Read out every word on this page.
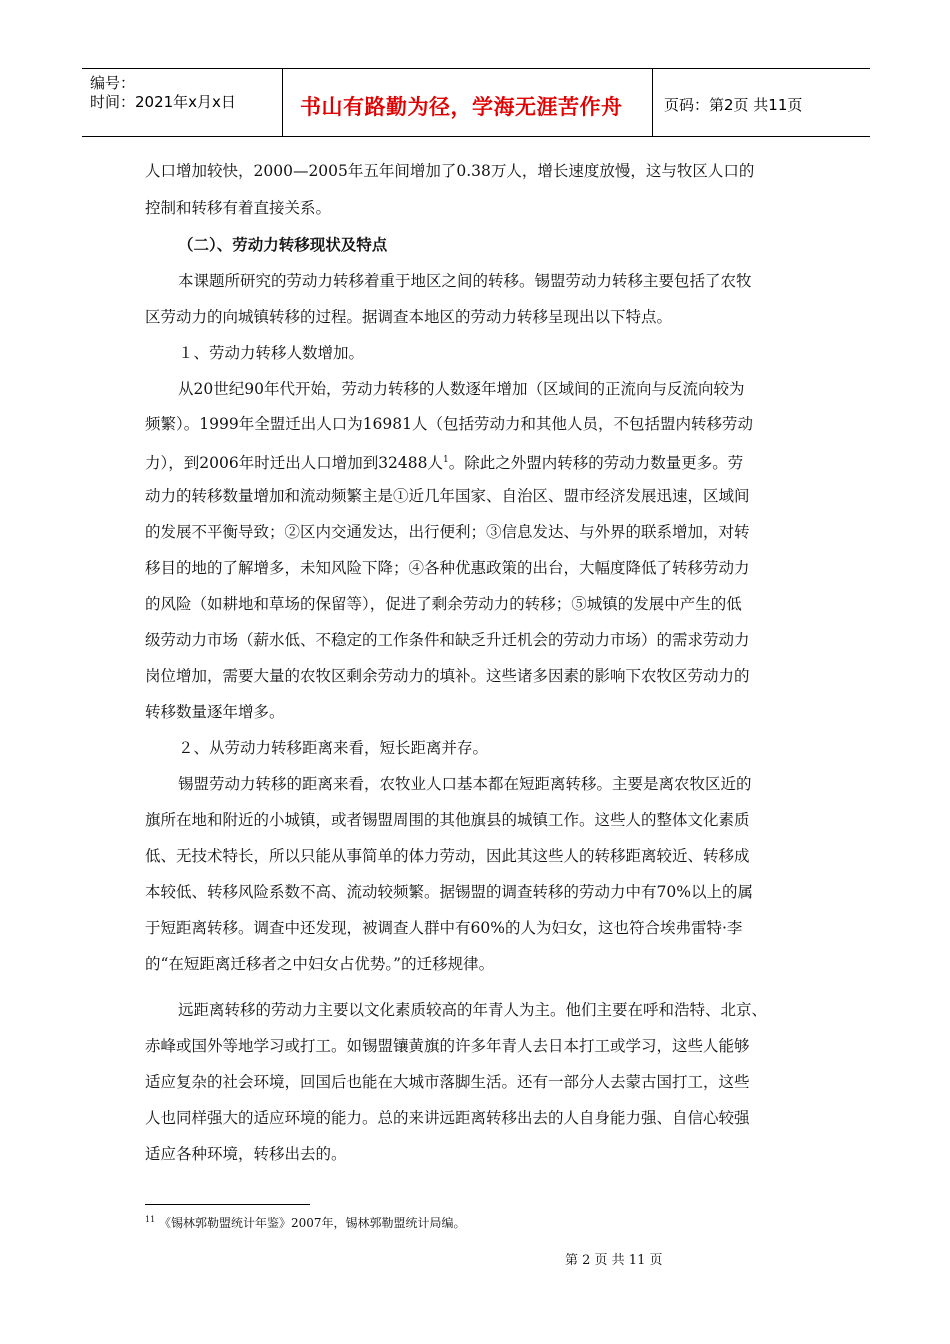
编号：
时间：2021年x月x日	书山有路勤为径，学海无涯苦作舟	页码：第2页 共11页
人口增加较快，2000—2005年五年间增加了0.38万人，增长速度放慢，这与牧区人口的
控制和转移有着直接关系。
（二）、劳动力转移现状及特点
本课题所研究的劳动力转移着重于地区之间的转移。锡盟劳动力转移主要包括了农牧
区劳动力的向城镇转移的过程。据调查本地区的劳动力转移呈现出以下特点。
１、劳动力转移人数增加。
从20世纪90年代开始，劳动力转移的人数逐年增加（区域间的正流向与反流向较为
频繁）。1999年全盟迁出人口为16981人（包括劳动力和其他人员，不包括盟内转移劳动
力），到2006年时迁出人口增加到32488人$^1$。除此之外盟内转移的劳动力数量更多。劳
动力的转移数量增加和流动频繁主是①近几年国家、自治区、盟市经济发展迅速，区域间
的发展不平衡导致；②区内交通发达，出行便利；③信息发达、与外界的联系增加，对转
移目的地的了解增多，未知风险下降；④各种优惠政策的出台，大幅度降低了转移劳动力
的风险（如耕地和草场的保留等），促进了剩余劳动力的转移；⑤城镇的发展中产生的低
级劳动力市场（薪水低、不稳定的工作条件和缺乏升迁机会的劳动力市场）的需求劳动力
岗位增加，需要大量的农牧区剩余劳动力的填补。这些诸多因素的影响下农牧区劳动力的
转移数量逐年增多。
２、从劳动力转移距离来看，短长距离并存。
锡盟劳动力转移的距离来看，农牧业人口基本都在短距离转移。主要是离农牧区近的
旗所在地和附近的小城镇，或者锡盟周围的其他旗县的城镇工作。这些人的整体文化素质
低、无技术特长，所以只能从事简单的体力劳动，因此其这些人的转移距离较近、转移成
本较低、转移风险系数不高、流动较频繁。据锡盟的调查转移的劳动力中有70%以上的属
于短距离转移。调查中还发现，被调查人群中有60%的人为妇女，这也符合埃弗雷特·李
的“在短距离迁移者之中妇女占优势。”的迁移规律。
远距离转移的劳动力主要以文化素质较高的年青人为主。他们主要在呼和浩特、北京、
赤峰或国外等地学习或打工。如锡盟镶黄旗的许多年青人去日本打工或学习，这些人能够
适应复杂的社会环境，回国后也能在大城市落脚生活。还有一部分人去蒙古国打工，这些
人也同样强大的适应环境的能力。总的来讲远距离转移出去的人自身能力强、自信心较强
适应各种环境，转移出去的。
$^{11}$ 《锡林郭勒盟统计年鉴》2007年，锡林郭勒盟统计局编。
第 2 页 共 11 页
